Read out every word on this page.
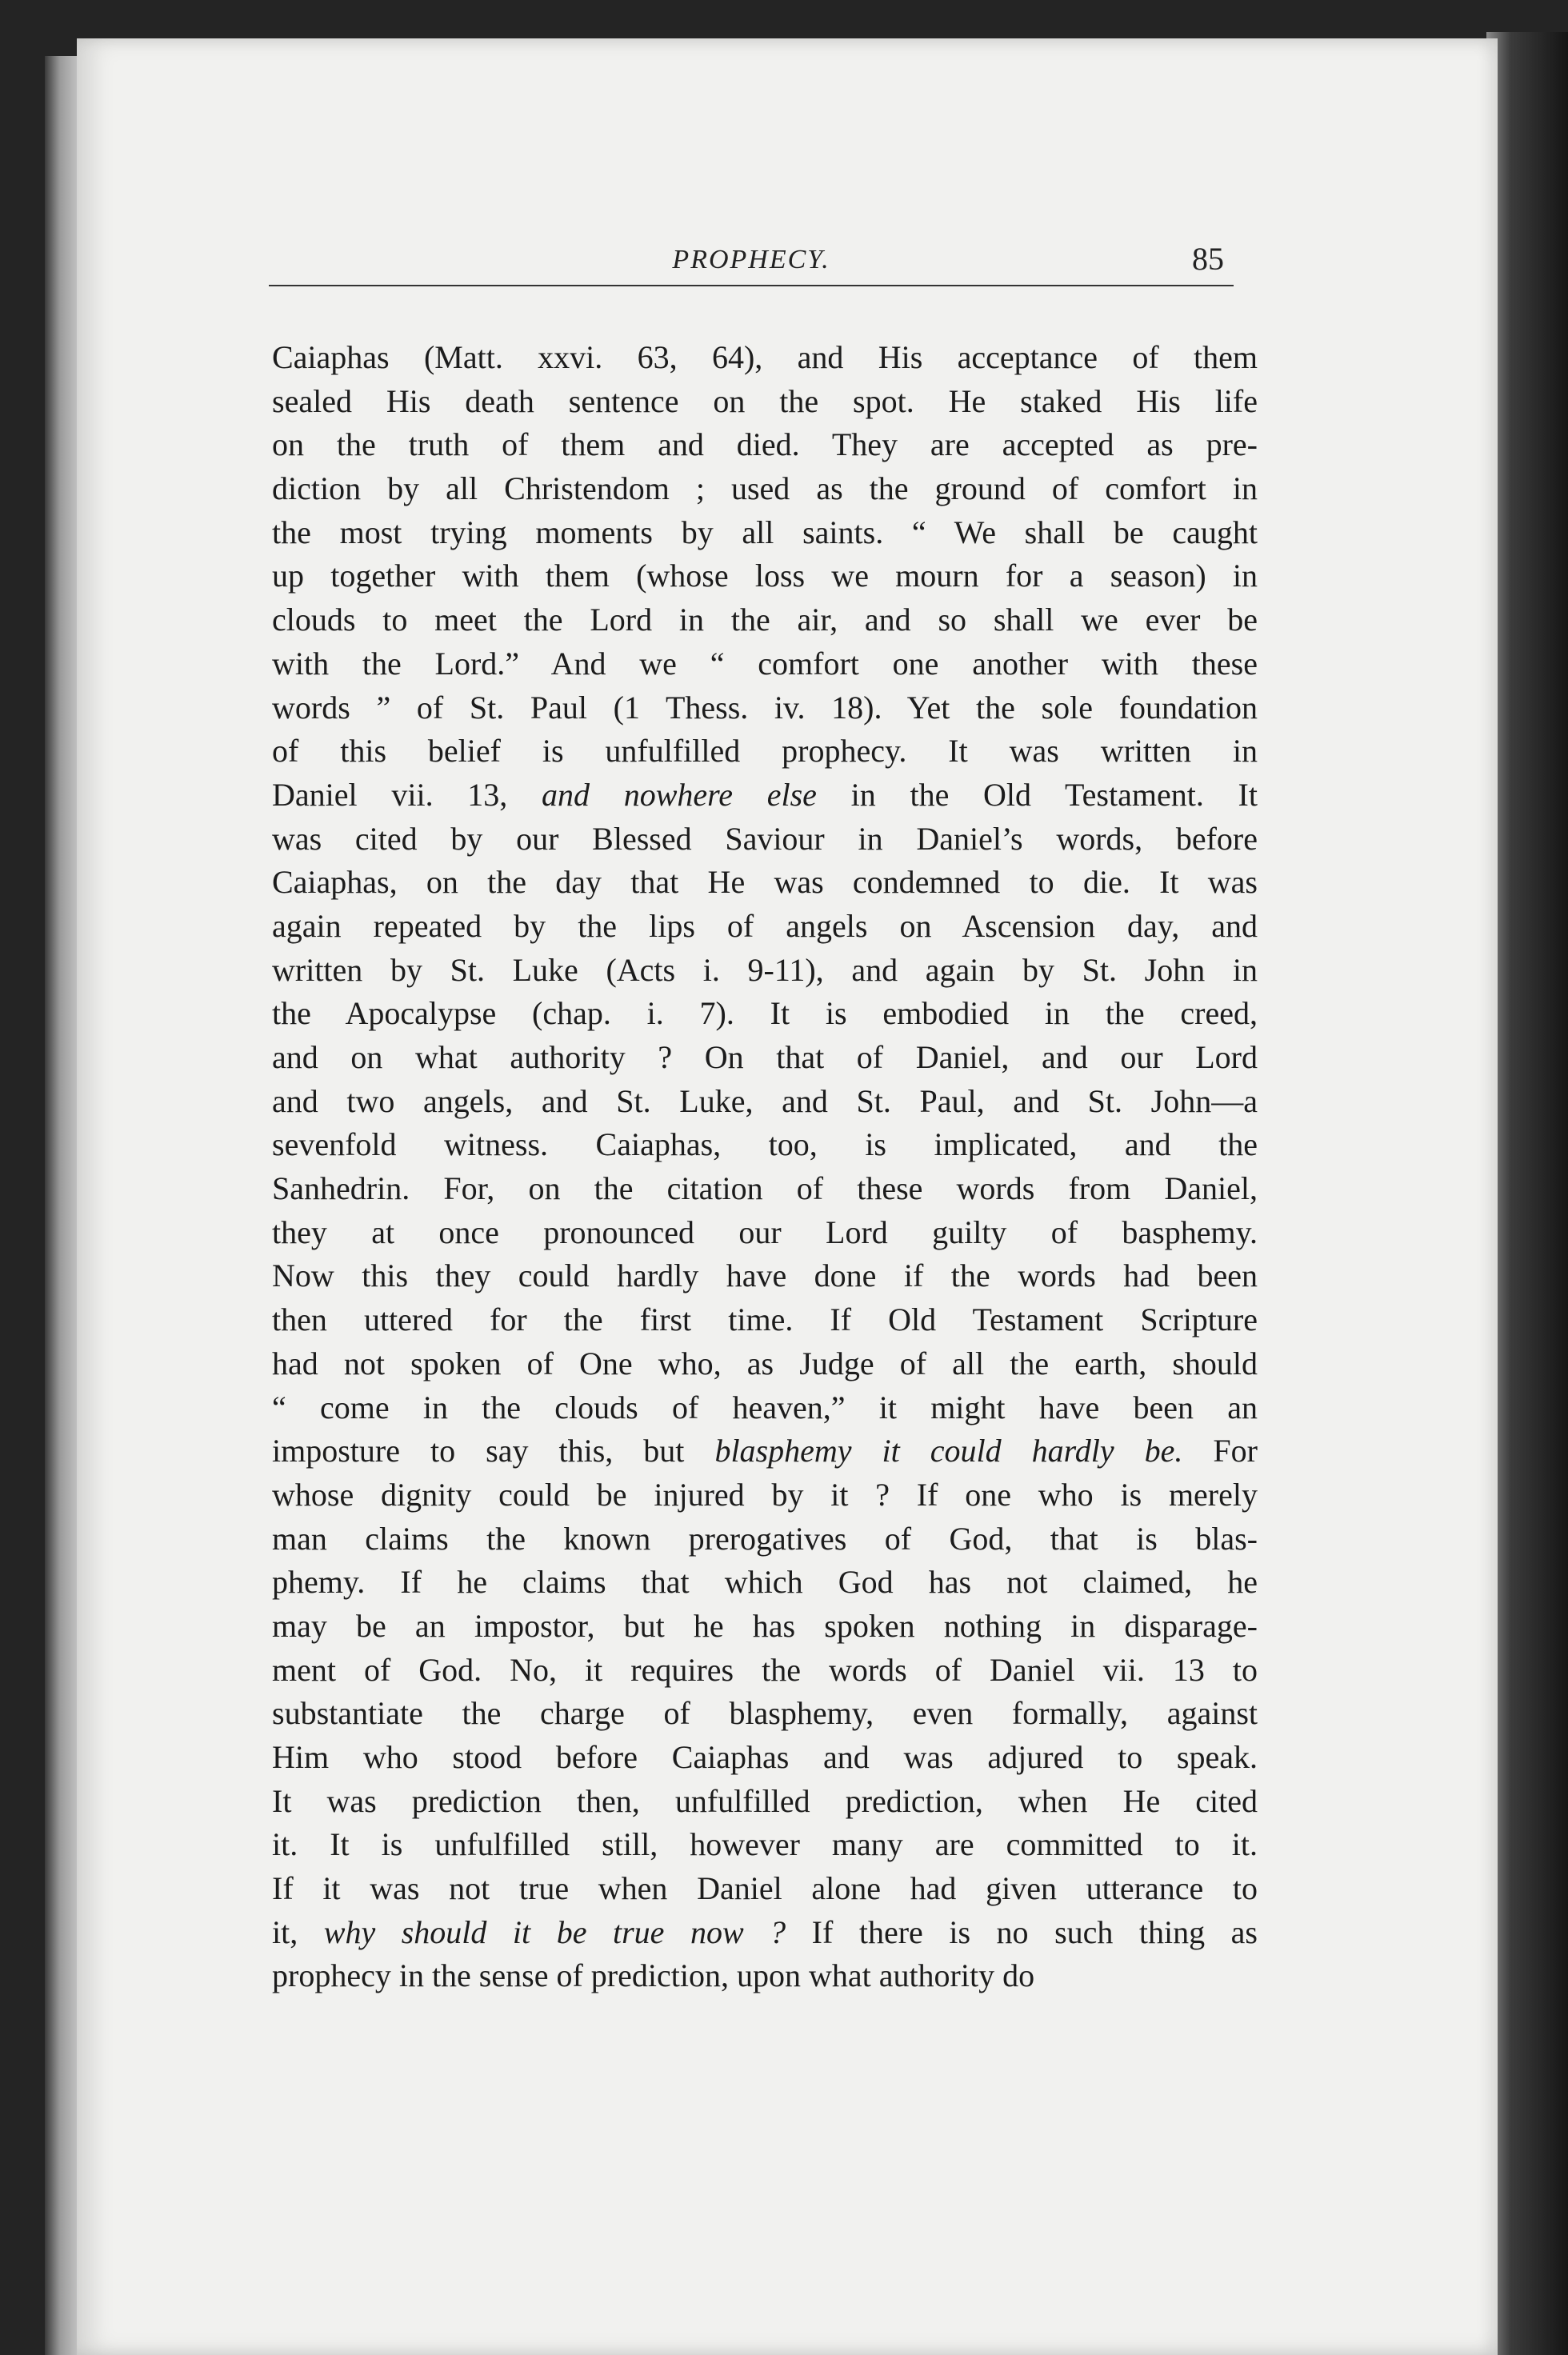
PROPHECY.	85
Caiaphas (Matt. xxvi. 63, 64), and His acceptance of them
sealed His death sentence on the spot. He staked His life
on the truth of them and died. They are accepted as pre-
diction by all Christendom ; used as the ground of comfort in
the most trying moments by all saints. “ We shall be caught
up together with them (whose loss we mourn for a season) in
clouds to meet the Lord in the air, and so shall we ever be
with the Lord.” And we “ comfort one another with these
words ” of St. Paul (1 Thess. iv. 18). Yet the sole foundation
of this belief is unfulfilled prophecy. It was written in
Daniel vii. 13, and nowhere else in the Old Testament. It
was cited by our Blessed Saviour in Daniel’s words, before
Caiaphas, on the day that He was condemned to die. It was
again repeated by the lips of angels on Ascension day, and
written by St. Luke (Acts i. 9-11), and again by St. John in
the Apocalypse (chap. i. 7). It is embodied in the creed,
and on what authority ? On that of Daniel, and our Lord
and two angels, and St. Luke, and St. Paul, and St. John—a
sevenfold witness. Caiaphas, too, is implicated, and the
Sanhedrin. For, on the citation of these words from Daniel,
they at once pronounced our Lord guilty of basphemy.
Now this they could hardly have done if the words had been
then uttered for the first time. If Old Testament Scripture
had not spoken of One who, as Judge of all the earth, should
“ come in the clouds of heaven,” it might have been an
imposture to say this, but blasphemy it could hardly be. For
whose dignity could be injured by it ? If one who is merely
man claims the known prerogatives of God, that is blas-
phemy. If he claims that which God has not claimed, he
may be an impostor, but he has spoken nothing in disparage-
ment of God. No, it requires the words of Daniel vii. 13 to
substantiate the charge of blasphemy, even formally, against
Him who stood before Caiaphas and was adjured to speak.
It was prediction then, unfulfilled prediction, when He cited
it. It is unfulfilled still, however many are committed to it.
If it was not true when Daniel alone had given utterance to
it, why should it be true now ? If there is no such thing as
prophecy in the sense of prediction, upon what authority do
